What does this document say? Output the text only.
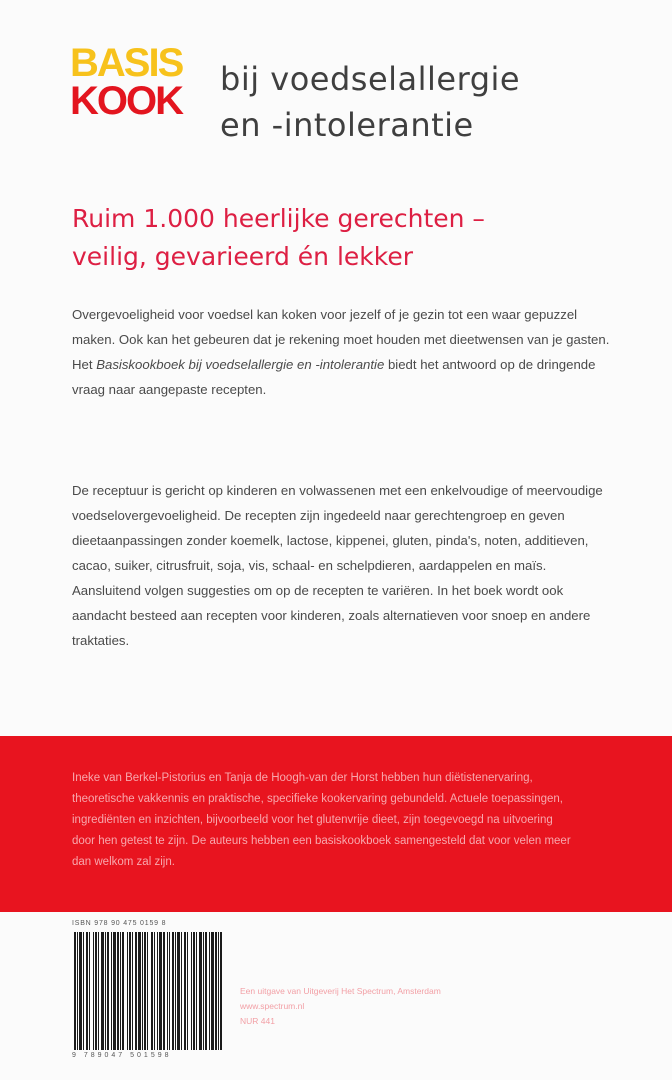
BASIS
KOOK bij voedselallergie
en -intolerantie
Ruim 1.000 heerlijke gerechten –
veilig, gevarieerd én lekker

Overgevoeligheid voor voedsel kan koken voor jezelf of je gezin tot een waar gepuzzel maken. Ook kan het gebeuren dat je rekening moet houden met dieetwensen van je gasten. Het Basiskookboek bij voedselallergie en -intolerantie biedt het antwoord op de dringende vraag naar aangepaste recepten.

De receptuur is gericht op kinderen en volwassenen met een enkelvoudige of meervoudige voedselovergevoeligheid. De recepten zijn ingedeeld naar gerechtengroep en geven dieetaanpassingen zonder koemelk, lactose, kippenei, gluten, pinda's, noten, additieven, cacao, suiker, citrusfruit, soja, vis, schaal- en schelpdieren, aardappelen en maïs. Aansluitend volgen suggesties om op de recepten te variëren. In het boek wordt ook aandacht besteed aan recepten voor kinderen, zoals alternatieven voor snoep en andere traktaties.

Ineke van Berkel-Pistorius en Tanja de Hoogh-van der Horst hebben hun diëtistenervaring, theoretische vakkennis en praktische, specifieke kookervaring gebundeld. Actuele toepassingen, ingrediënten en inzichten, bijvoorbeeld voor het glutenvrije dieet, zijn toegevoegd na uitvoering door hen getest te zijn. De auteurs hebben een basiskookboek samengesteld dat voor velen meer dan welkom zal zijn.

ISBN 978 90 475 0159 8
9 789047 501598
Een uitgave van Uitgeverij Het Spectrum, Amsterdam
www.spectrum.nl
NUR 441
